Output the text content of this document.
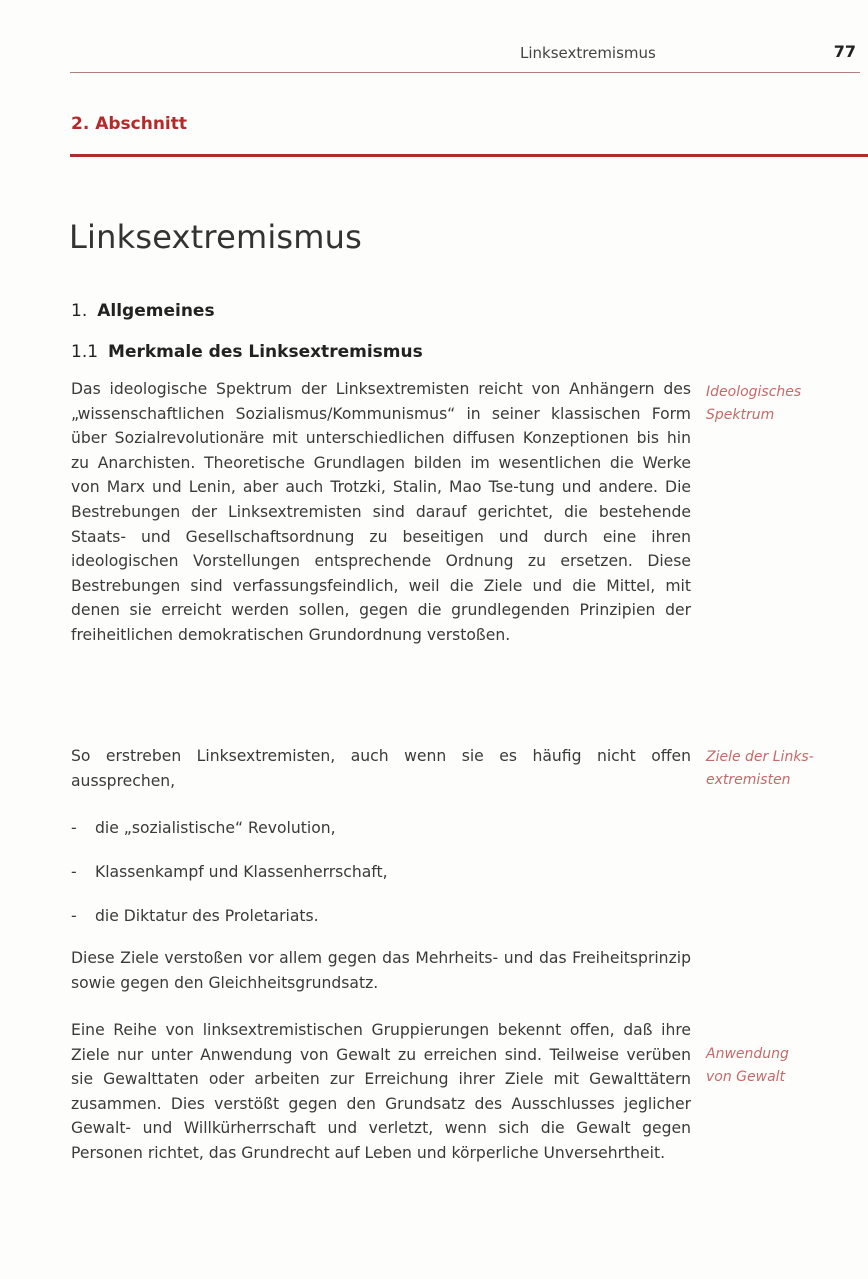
Linksextremismus	77
2. Abschnitt
Linksextremismus
1. Allgemeines
1.1 Merkmale des Linksextremismus

Das ideologische Spektrum der Linksextremisten reicht von Anhängern des „wissenschaftlichen Sozialismus/Kommunismus“ in seiner klassischen Form über Sozialrevolutionäre mit unterschiedlichen diffusen Konzeptionen bis hin zu Anarchisten. Theoretische Grundlagen bilden im wesentlichen die Werke von Marx und Lenin, aber auch Trotzki, Stalin, Mao Tse-tung und andere. Die Bestrebungen der Linksextremisten sind darauf gerichtet, die bestehende Staats- und Gesellschaftsordnung zu beseitigen und durch eine ihren ideologischen Vorstellungen entsprechende Ordnung zu ersetzen. Diese Bestrebungen sind verfassungsfeindlich, weil die Ziele und die Mittel, mit denen sie erreicht werden sollen, gegen die grundlegenden Prinzipien der freiheitlichen demokratischen Grundordnung verstoßen.

Ideologisches
Spektrum

So erstreben Linksextremisten, auch wenn sie es häufig nicht offen aussprechen,

Ziele der Links-
extremisten
- die „sozialistische“ Revolution,
- Klassenkampf und Klassenherrschaft,
- die Diktatur des Proletariats.

Diese Ziele verstoßen vor allem gegen das Mehrheits- und das Freiheitsprinzip sowie gegen den Gleichheitsgrundsatz.

Eine Reihe von linksextremistischen Gruppierungen bekennt offen, daß ihre Ziele nur unter Anwendung von Gewalt zu erreichen sind. Teilweise verüben sie Gewalttaten oder arbeiten zur Erreichung ihrer Ziele mit Gewalttätern zusammen. Dies verstößt gegen den Grundsatz des Ausschlusses jeglicher Gewalt- und Willkürherrschaft und verletzt, wenn sich die Gewalt gegen Personen richtet, das Grundrecht auf Leben und körperliche Unversehrtheit.

Anwendung
von Gewalt
